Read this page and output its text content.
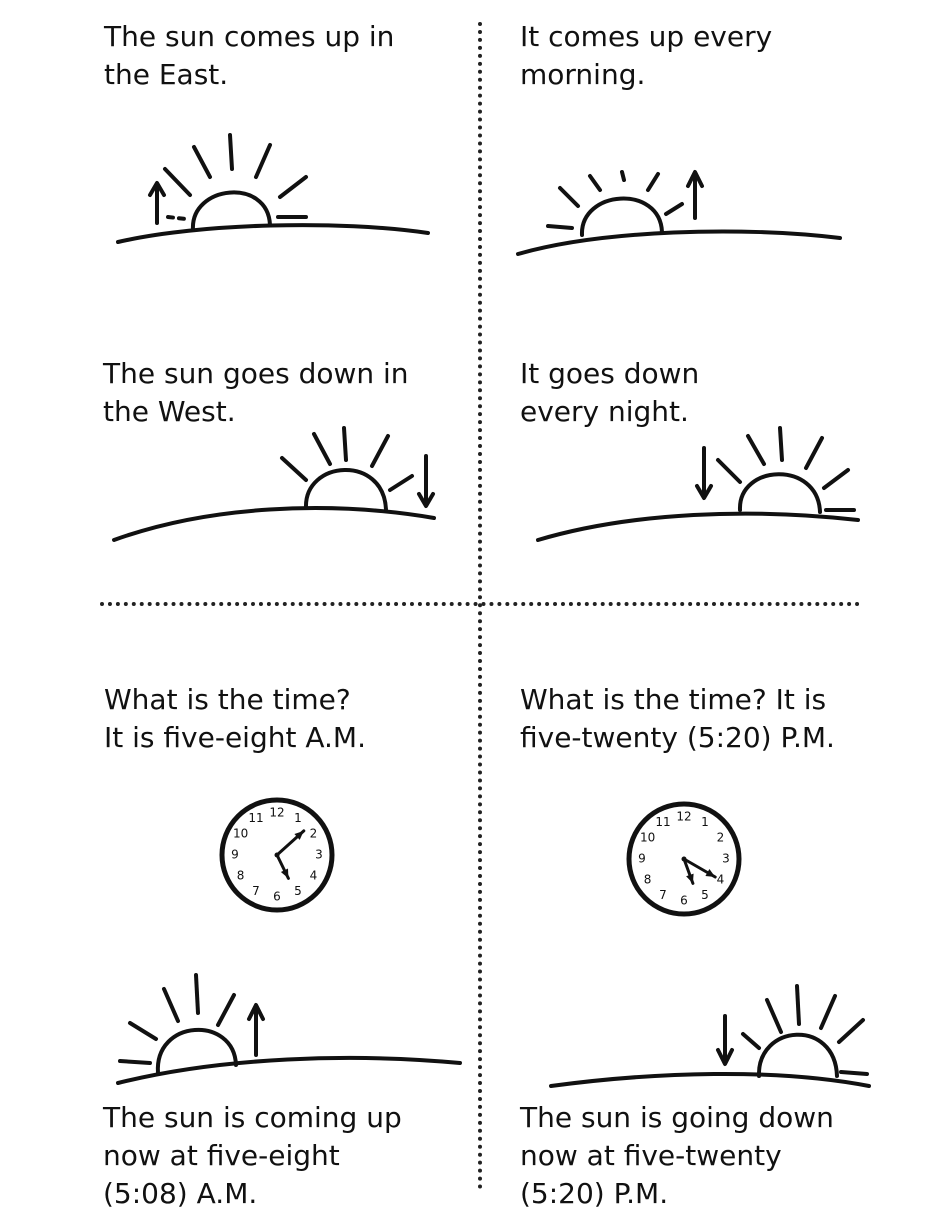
The sun comes up in
the East.

It comes up every
morning.

The sun goes down in
the West.

It goes down
every night.

What is the time?
It is five-eight A.M.

What is the time? It is
five-twenty (5:20) P.M.

12 1
2
3
4
5
6
7
8
9
10
11	12 1
2
3
4
5
6
7
8
9
10
11

The sun is coming up
now at five-eight
(5:08) A.M.

The sun is going down
now at five-twenty
(5:20) P.M.
